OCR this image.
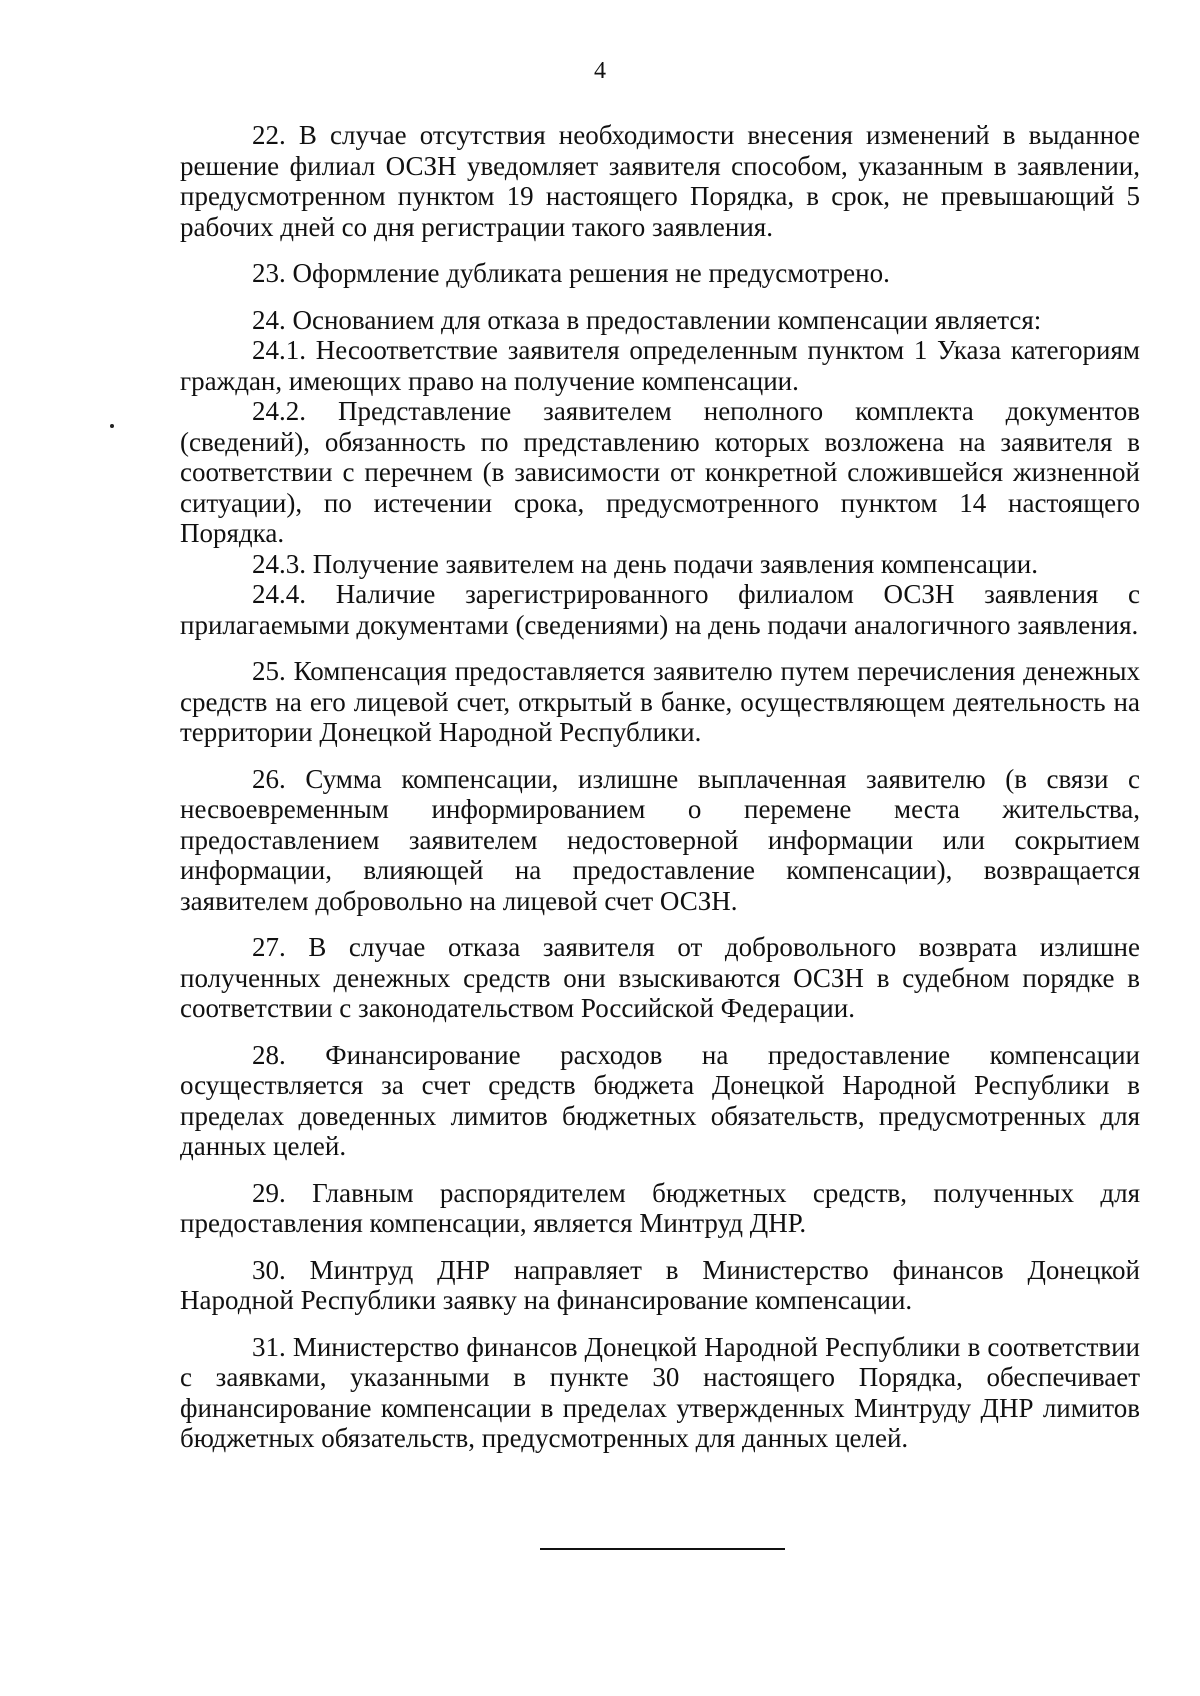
4

22. В случае отсутствия необходимости внесения изменений в выданное решение филиал ОСЗН уведомляет заявителя способом, указанным в заявлении, предусмотренном пунктом 19 настоящего Порядка, в срок, не превышающий 5 рабочих дней со дня регистрации такого заявления.

23. Оформление дубликата решения не предусмотрено.

24. Основанием для отказа в предоставлении компенсации является:

24.1. Несоответствие заявителя определенным пунктом 1 Указа категориям граждан, имеющих право на получение компенсации.

24.2. Представление заявителем неполного комплекта документов (сведений), обязанность по представлению которых возложена на заявителя в соответствии с перечнем (в зависимости от конкретной сложившейся жизненной ситуации), по истечении срока, предусмотренного пунктом 14 настоящего Порядка.

24.3. Получение заявителем на день подачи заявления компенсации.

24.4. Наличие зарегистрированного филиалом ОСЗН заявления с прилагаемыми документами (сведениями) на день подачи аналогичного заявления.

25. Компенсация предоставляется заявителю путем перечисления денежных средств на его лицевой счет, открытый в банке, осуществляющем деятельность на территории Донецкой Народной Республики.

26. Сумма компенсации, излишне выплаченная заявителю (в связи с несвоевременным информированием о перемене места жительства, предоставлением заявителем недостоверной информации или сокрытием информации, влияющей на предоставление компенсации), возвращается заявителем добровольно на лицевой счет ОСЗН.

27. В случае отказа заявителя от добровольного возврата излишне полученных денежных средств они взыскиваются ОСЗН в судебном порядке в соответствии с законодательством Российской Федерации.

28. Финансирование расходов на предоставление компенсации осуществляется за счет средств бюджета Донецкой Народной Республики в пределах доведенных лимитов бюджетных обязательств, предусмотренных для данных целей.

29. Главным распорядителем бюджетных средств, полученных для предоставления компенсации, является Минтруд ДНР.

30. Минтруд ДНР направляет в Министерство финансов Донецкой Народной Республики заявку на финансирование компенсации.

31. Министерство финансов Донецкой Народной Республики в соответствии с заявками, указанными в пункте 30 настоящего Порядка, обеспечивает финансирование компенсации в пределах утвержденных Минтруду ДНР лимитов бюджетных обязательств, предусмотренных для данных целей.
